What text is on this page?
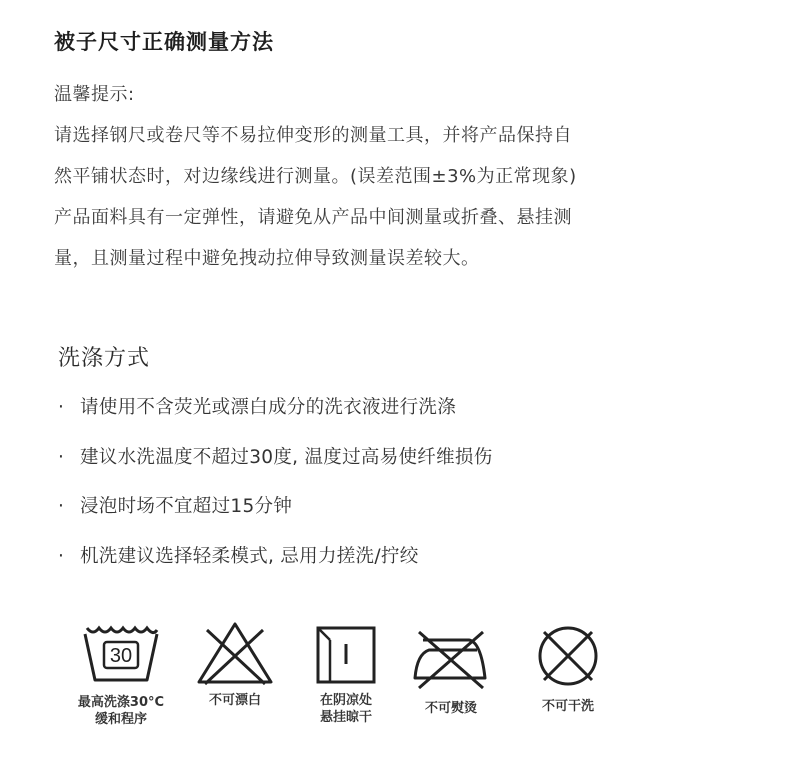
被子尺寸正确测量方法
温馨提示:
请选择钢尺或卷尺等不易拉伸变形的测量工具，并将产品保持自
然平铺状态时，对边缘线进行测量。(误差范围±3%为正常现象)
产品面料具有一定弹性，请避免从产品中间测量或折叠、悬挂测
量，且测量过程中避免拽动拉伸导致测量误差较大。
洗涤方式
· 请使用不含荧光或漂白成分的洗衣液进行洗涤
· 建议水洗温度不超过30度, 温度过高易使纤维损伤
· 浸泡时场不宜超过15分钟
· 机洗建议选择轻柔模式, 忌用力搓洗/拧绞
30
最高洗涤30°C
缓和程序
不可漂白	在阴凉处
悬挂晾干
不可熨烫	不可干洗
